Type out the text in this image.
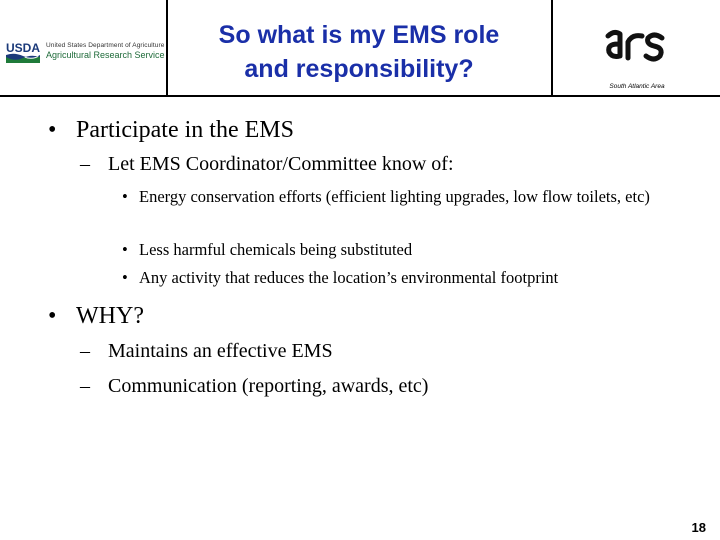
USDA United States Department of Agriculture
Agricultural Research Service
So what is my EMS role
and responsibility?
South Atlantic Area
• Participate in the EMS
– Let EMS Coordinator/Committee know of:
• Energy conservation efforts (efficient lighting upgrades, low flow toilets, etc)
• Less harmful chemicals being substituted
• Any activity that reduces the location’s environmental footprint
• WHY?
– Maintains an effective EMS
– Communication (reporting, awards, etc)
18
